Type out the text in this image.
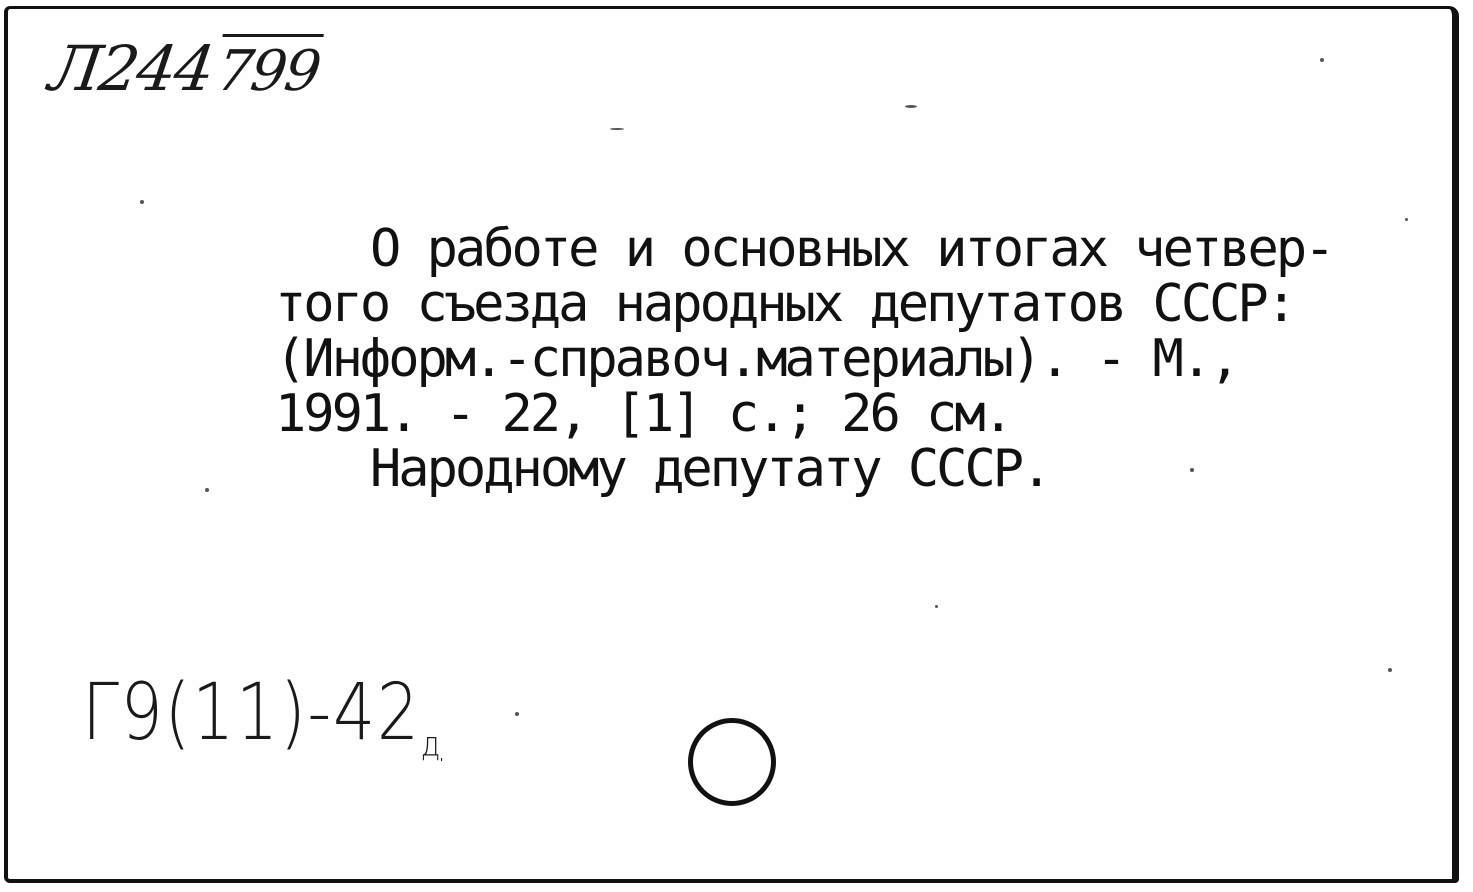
Л244799
О работе и основных итогах четвер-
того съезда народных депутатов СССР:
(Информ.-справоч.материалы). - М.,
1991. - 22, [1] с.; 26 см.
Народному депутату СССР.
$Г9(11)-42_д$
